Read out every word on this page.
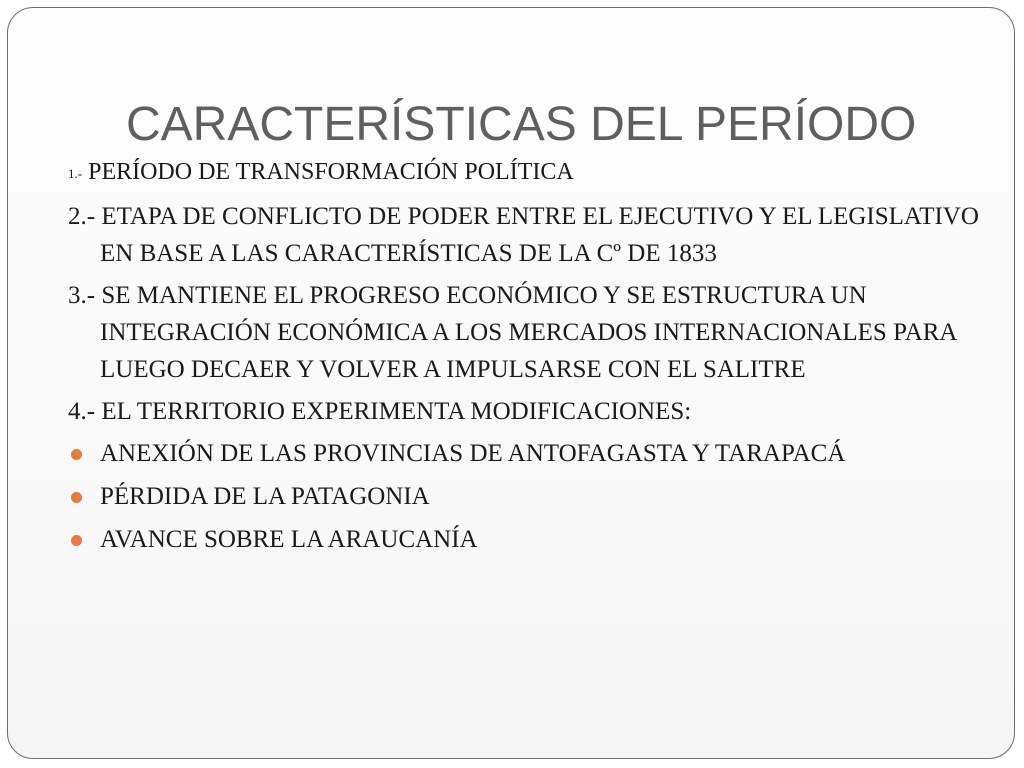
CARACTERÍSTICAS DEL PERÍODO

1.- PERÍODO DE TRANSFORMACIÓN POLÍTICA

2.- ETAPA DE CONFLICTO DE PODER ENTRE EL EJECUTIVO Y EL LEGISLATIVO EN BASE A LAS CARACTERÍSTICAS DE LA Cº DE 1833

3.- SE MANTIENE EL PROGRESO ECONÓMICO Y SE ESTRUCTURA UN INTEGRACIÓN ECONÓMICA A LOS MERCADOS INTERNACIONALES PARA LUEGO DECAER Y VOLVER A IMPULSARSE CON EL SALITRE

4.- EL TERRITORIO EXPERIMENTA MODIFICACIONES:

ANEXIÓN DE LAS PROVINCIAS DE ANTOFAGASTA Y TARAPACÁ

PÉRDIDA DE LA PATAGONIA

AVANCE SOBRE LA ARAUCANÍA
